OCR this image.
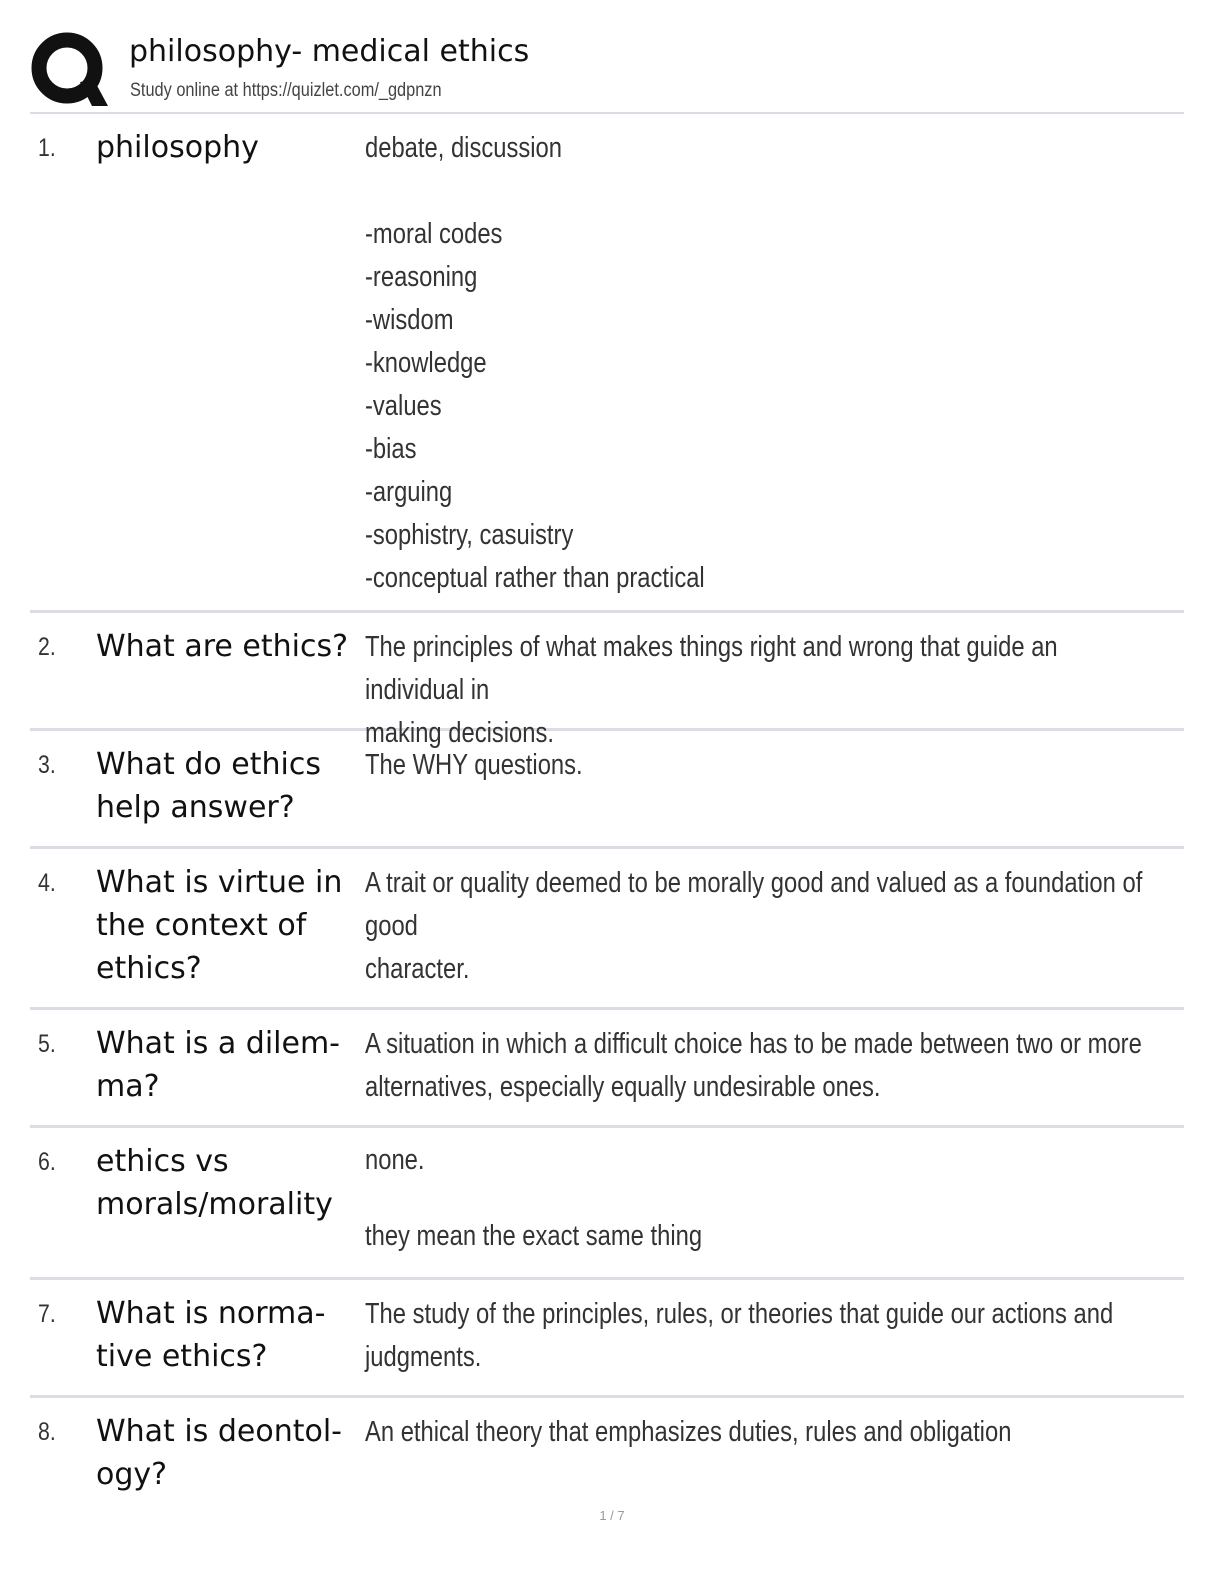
philosophy- medical ethics
Study online at https://quizlet.com/_gdpnzn
1. philosophy	debate, discussion

-moral codes
-reasoning
-wisdom
-knowledge
-values
-bias
-arguing
-sophistry, casuistry
-conceptual rather than practical
2. What are ethics? The principles of what makes things right and wrong that guide an individual in
making decisions.
3. What do ethics help answer?
The WHY questions.
4. What is virtue in the context of ethics?
A trait or quality deemed to be morally good and valued as a foundation of good
character.
5. What is a dilem-ma?
A situation in which a difficult choice has to be made between two or more
alternatives, especially equally undesirable ones.
6. ethics vs morals/morality
none.

they mean the exact same thing
7. What is norma-tive ethics?
The study of the principles, rules, or theories that guide our actions and judgments.
8. What is deontol-ogy?
An ethical theory that emphasizes duties, rules and obligation
1 / 7
